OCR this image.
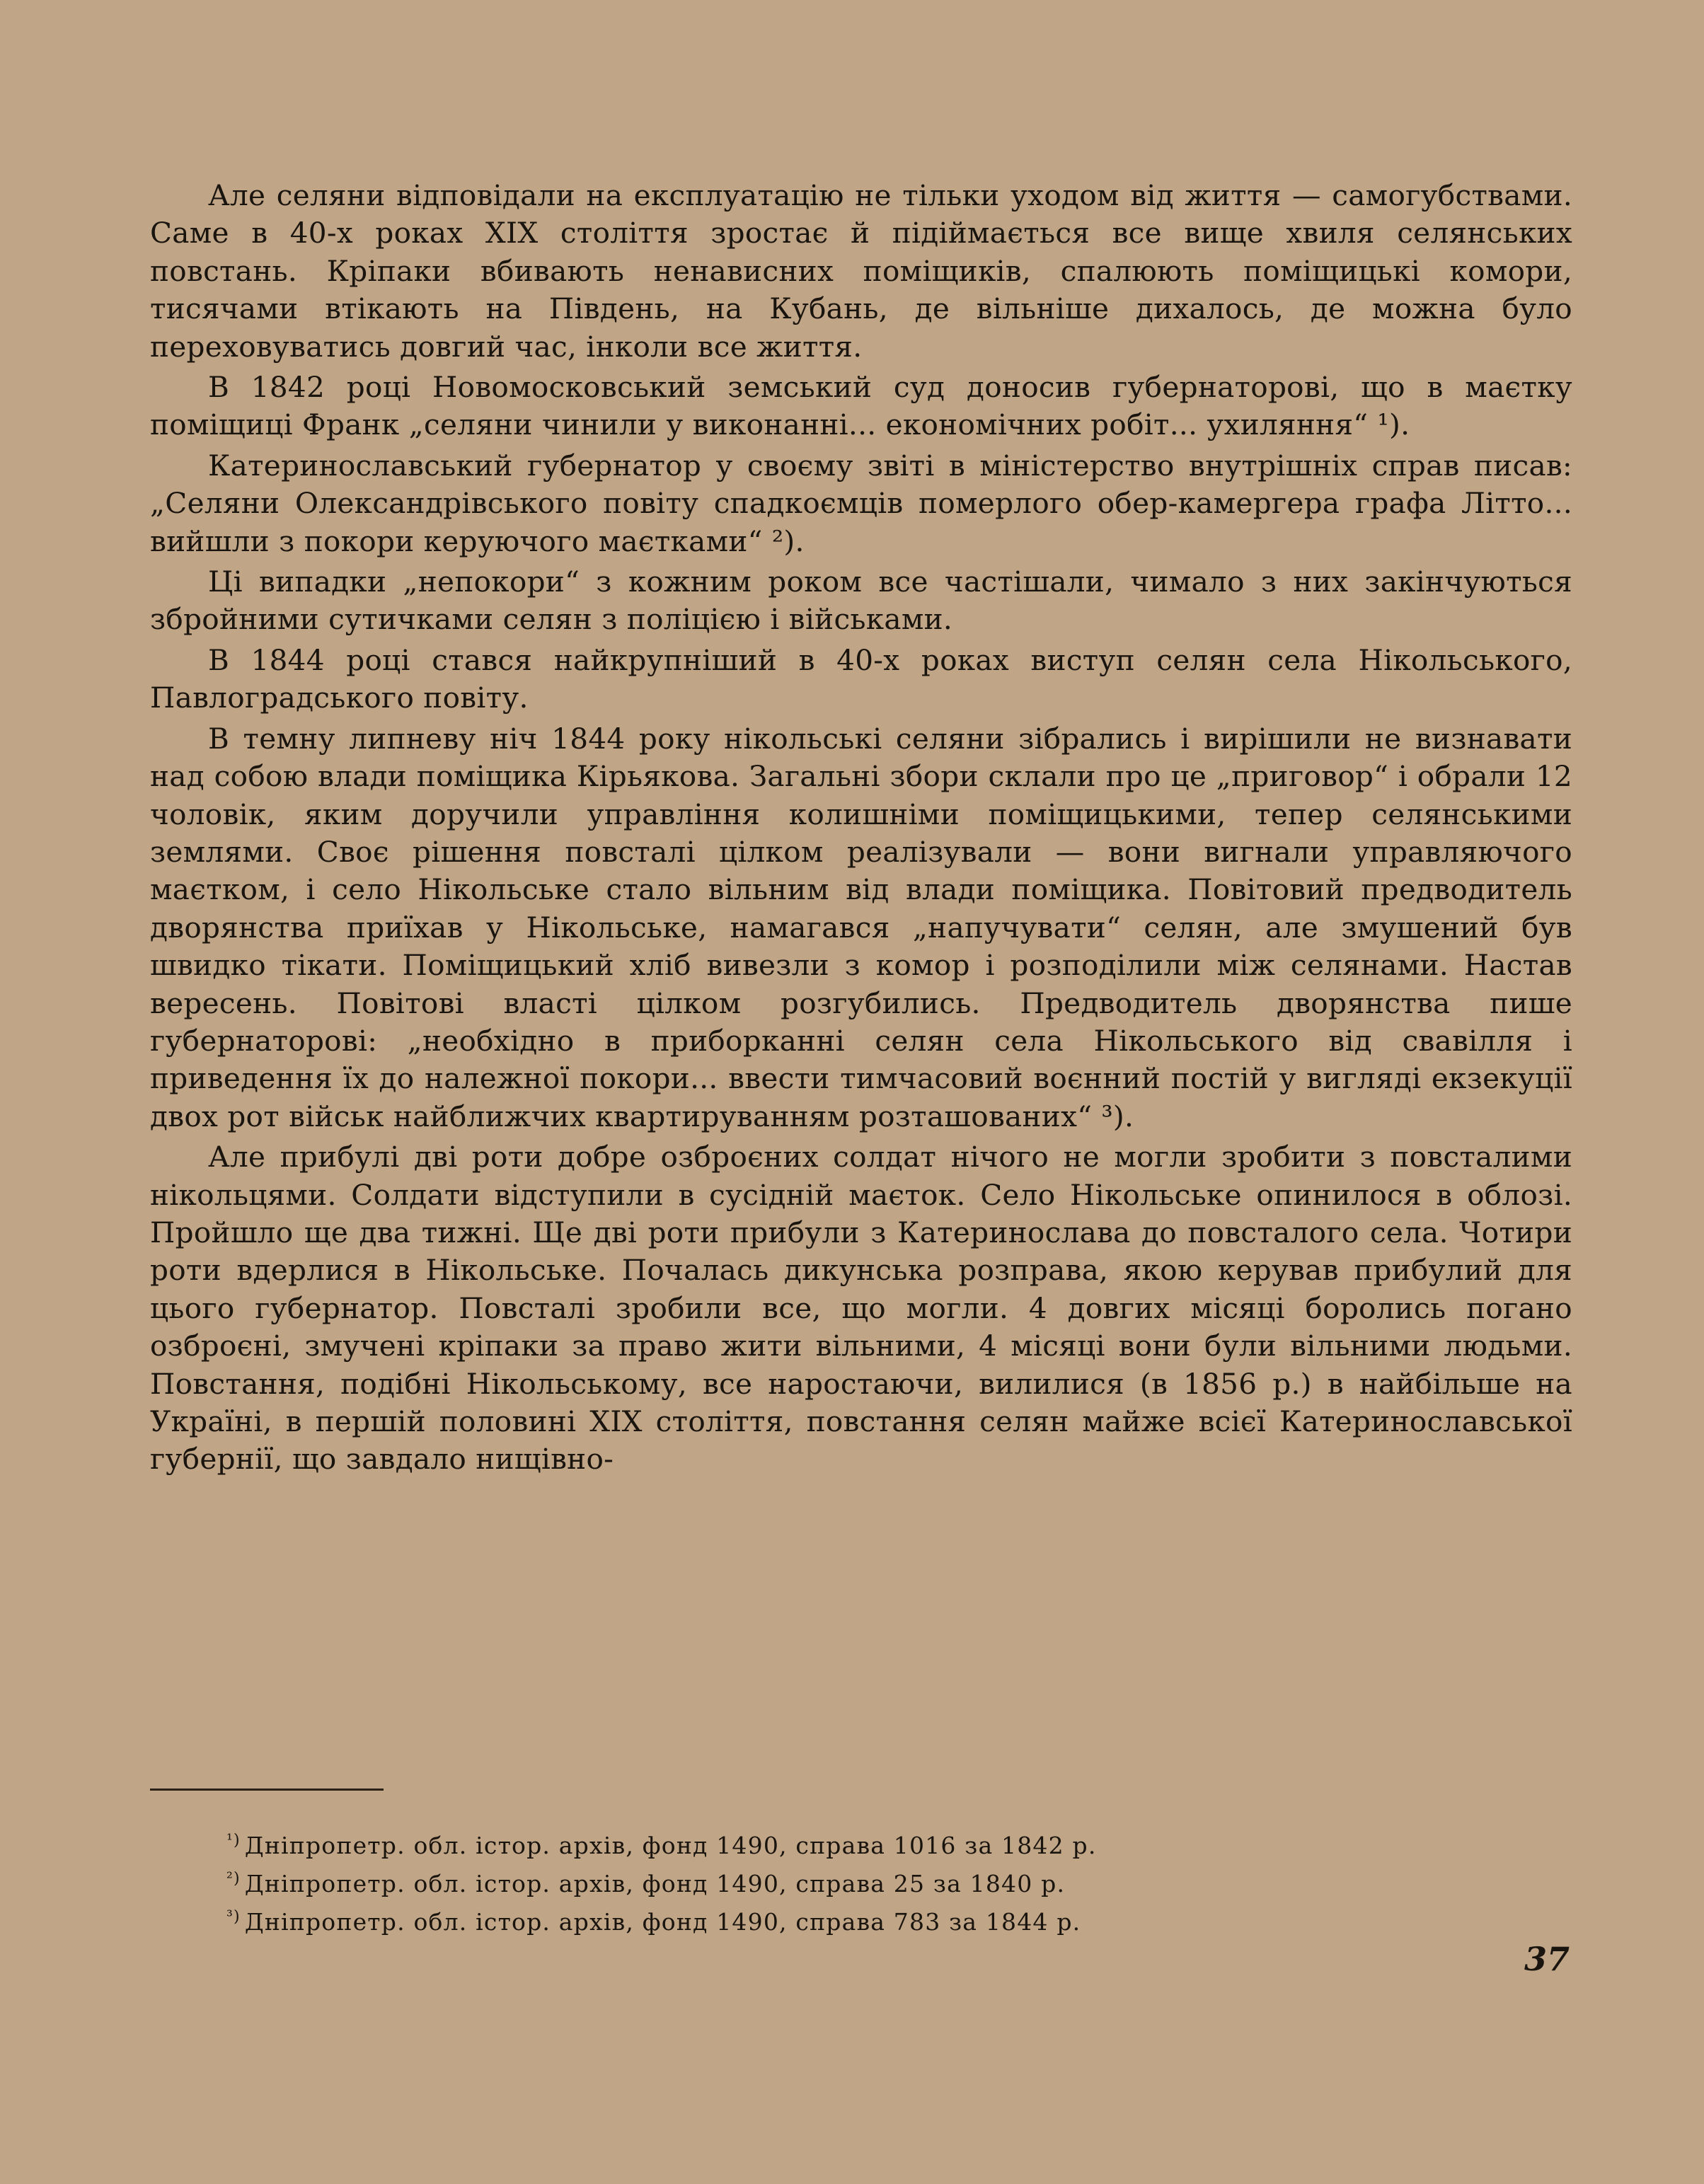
Але селяни відповідали на експлуатацію не тільки уходом від життя — самогубствами. Саме в 40-х роках XIX століття зростає й підіймається все вище хвиля селянських повстань. Кріпаки вбивають ненависних поміщиків, спалюють поміщицькі комори, тисячами втікають на Південь, на Кубань, де вільніше дихалось, де можна було переховуватись довгий час, інколи все життя.

В 1842 році Новомосковський земський суд доносив губернаторові, що в маєтку поміщиці Франк „селяни чинили у виконанні... економічних робіт... ухиляння“ ¹).

Катеринославський губернатор у своєму звіті в міністерство внутрішніх справ писав: „Селяни Олександрівського повіту спадкоємців померлого обер-камергера графа Літто... вийшли з покори керуючого маєтками“ ²).

Ці випадки „непокори“ з кожним роком все частішали, чимало з них закінчуються збройними сутичками селян з поліцією і військами.

В 1844 році стався найкрупніший в 40-х роках виступ селян села Нікольського, Павлоградського повіту.

В темну липневу ніч 1844 року нікольські селяни зібрались і вирішили не визнавати над собою влади поміщика Кірьякова. Загальні збори склали про це „приговор“ і обрали 12 чоловік, яким доручили управління колишніми поміщицькими, тепер селянськими землями. Своє рішення повсталі цілком реалізували — вони вигнали управляючого маєтком, і село Нікольське стало вільним від влади поміщика. Повітовий предводитель дворянства приїхав у Нікольське, намагався „напучувати“ селян, але змушений був швидко тікати. Поміщицький хліб вивезли з комор і розподілили між селянами. Настав вересень. Повітові власті цілком розгубились. Предводитель дворянства пише губернаторові: „необхідно в приборканні селян села Нікольського від свавілля і приведення їх до належної покори... ввести тимчасовий воєнний постій у вигляді екзекуції двох рот військ найближчих квартируванням розташованих“ ³).

Але прибулі дві роти добре озброєних солдат нічого не могли зробити з повсталими нікольцями. Солдати відступили в сусідній маєток. Село Нікольське опинилося в облозі. Пройшло ще два тижні. Ще дві роти прибули з Катеринослава до повсталого села. Чотири роти вдерлися в Нікольське. Почалась дикунська розправа, якою керував прибулий для цього губернатор. Повсталі зробили все, що могли. 4 довгих місяці боролись погано озброєні, змучені кріпаки за право жити вільними, 4 місяці вони були вільними людьми. Повстання, подібні Нікольському, все наростаючи, вилилися (в 1856 р.) в найбільше на Україні, в першій половині XIX століття, повстання селян майже всієї Катеринославської губернії, що завдало нищівно-

$^{^1)}$ Дніпропетр. обл. істор. архів, фонд 1490, справа 1016 за 1842 р.

$^{^2)}$ Дніпропетр. обл. істор. архів, фонд 1490, справа 25 за 1840 р.

$^{^3)}$ Дніпропетр. обл. істор. архів, фонд 1490, справа 783 за 1844 р.

37
